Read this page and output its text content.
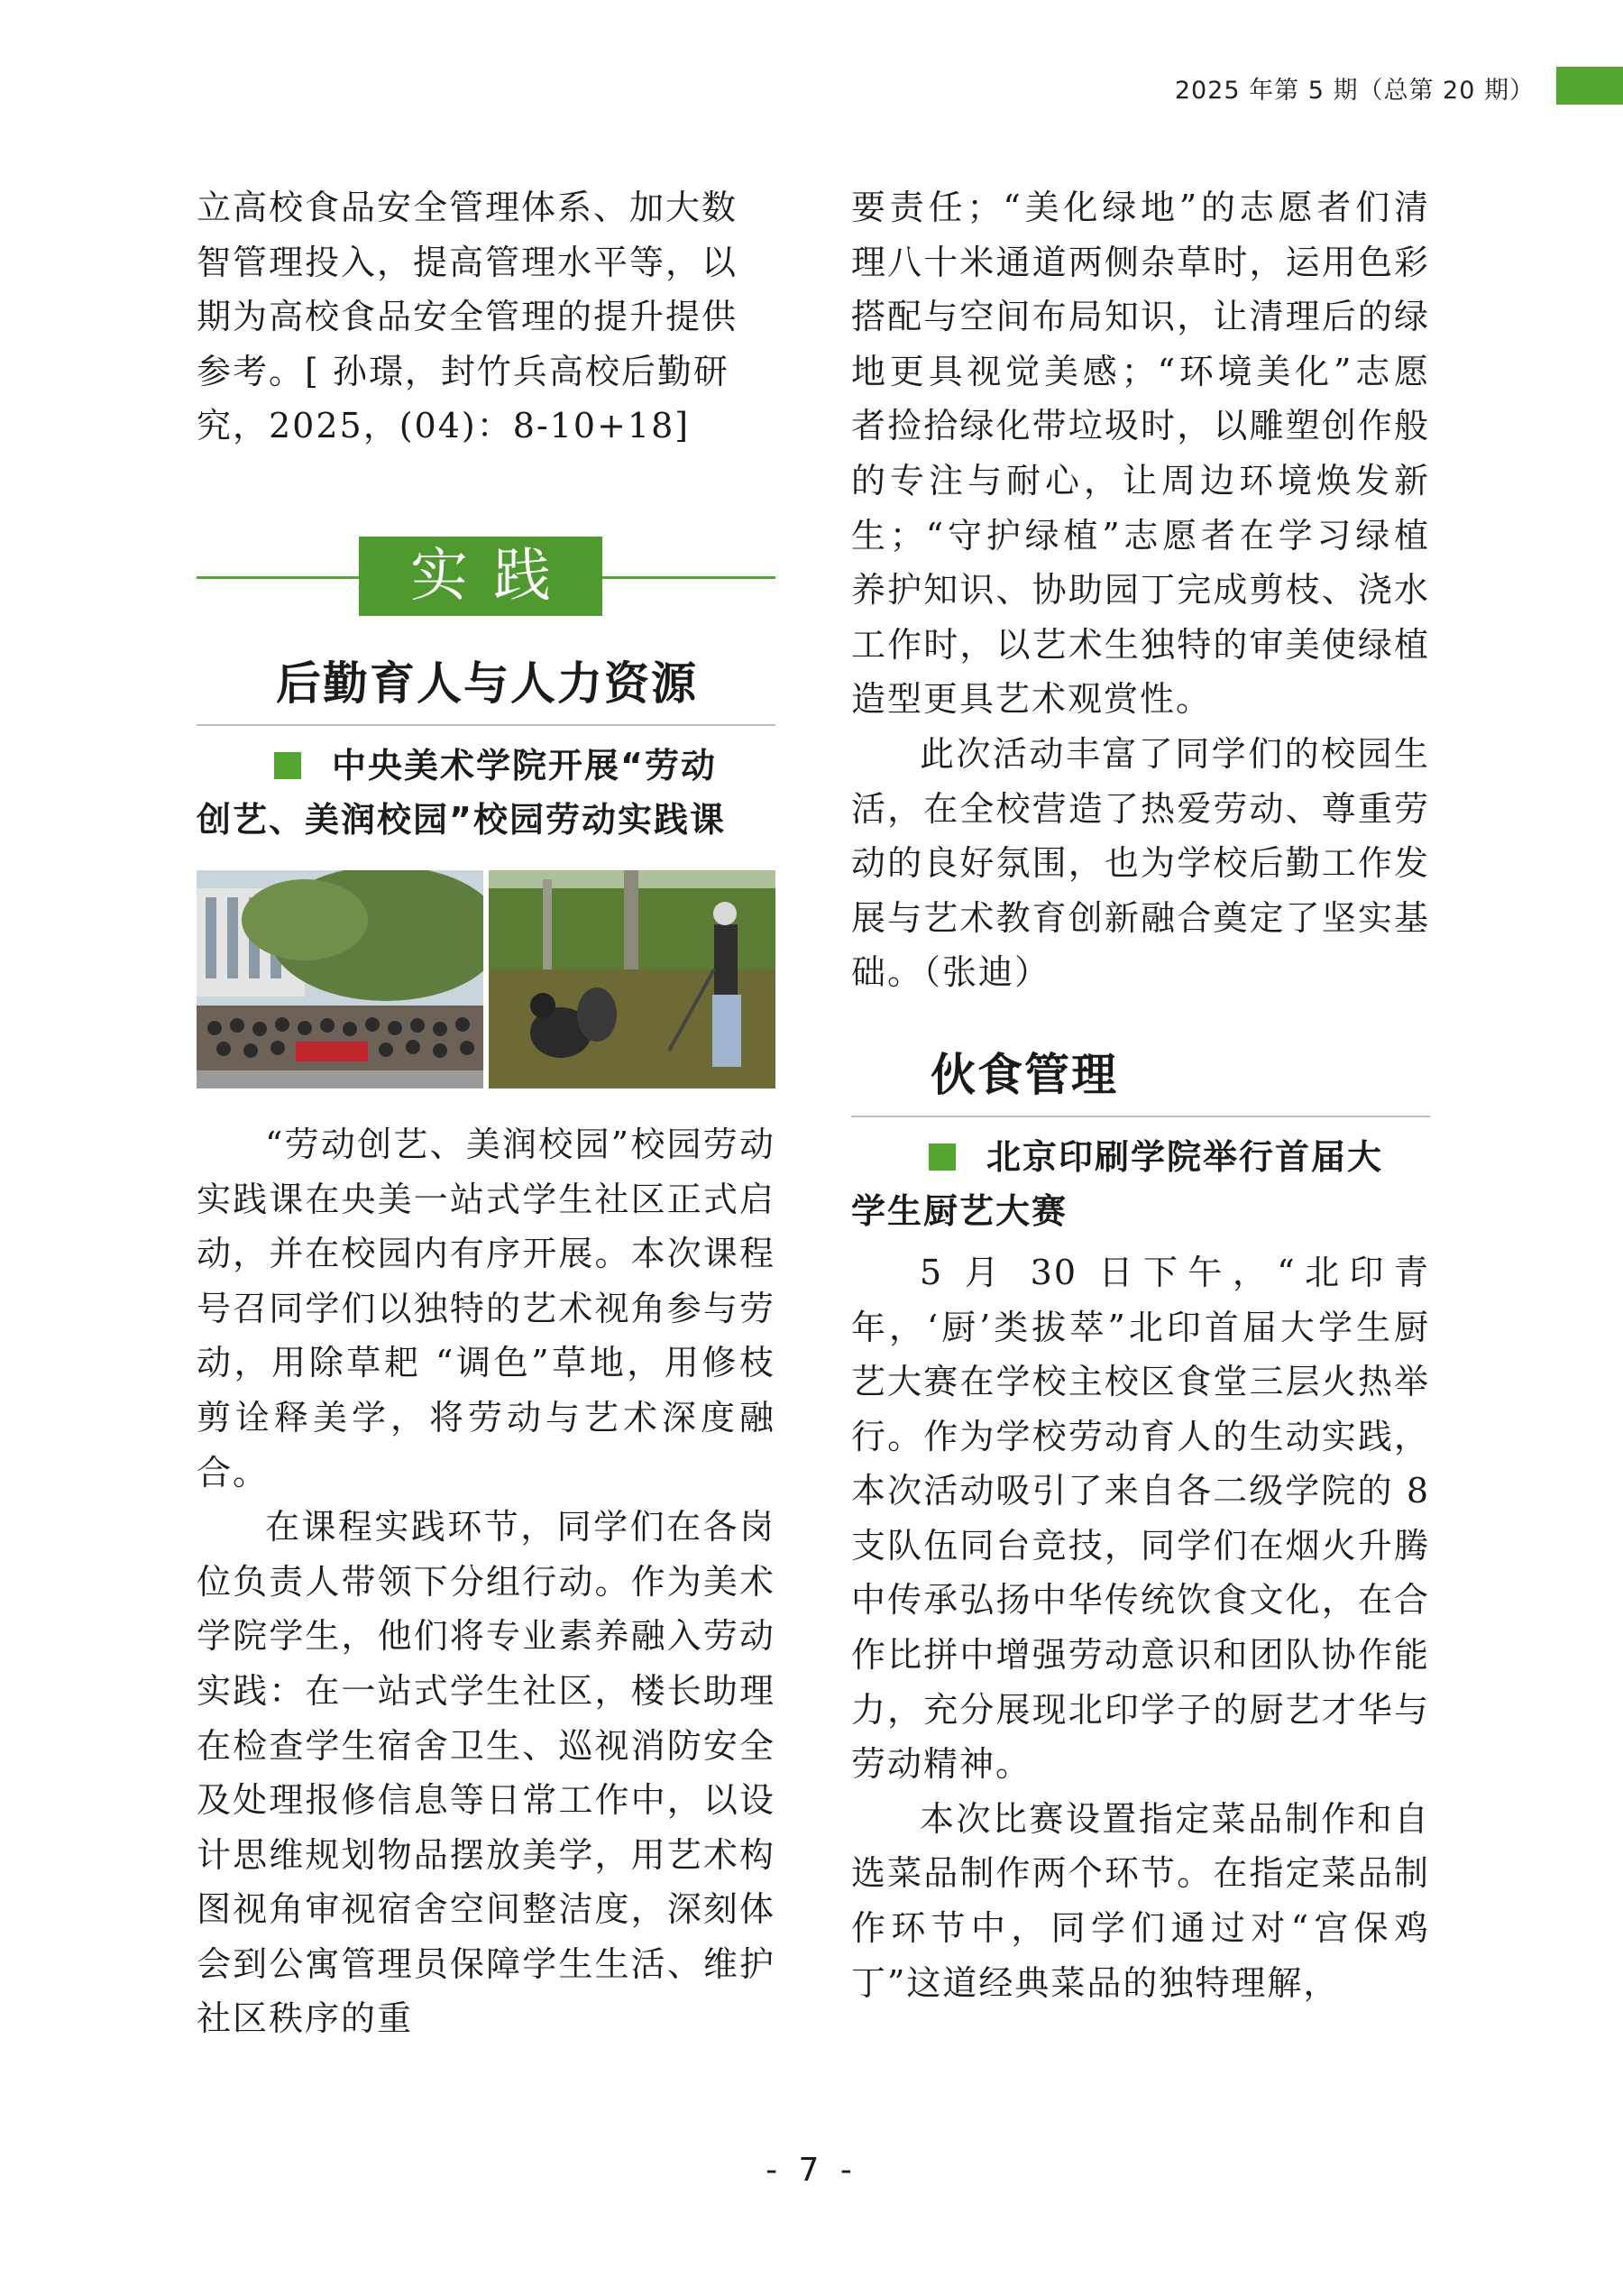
2025 年第 5 期（总第 20 期）

立高校食品安全管理体系、加大数
智管理投入，提高管理水平等，以
期为高校食品安全管理的提升提供
参考。[ 孙璟，封竹兵高校后勤研
究，2025，(04)：8-10+18]

实践
后勤育人与人力资源

中央美术学院开展“劳动
创艺、美润校园”校园劳动实践课

“劳动创艺、美润校园”校园劳动实践课在央美一站式学生社区正式启动，并在校园内有序开展。本次课程号召同学们以独特的艺术视角参与劳动，用除草耙 “调色”草地，用修枝剪诠释美学，将劳动与艺术深度融合。

在课程实践环节，同学们在各岗位负责人带领下分组行动。作为美术学院学生，他们将专业素养融入劳动实践：在一站式学生社区，楼长助理在检查学生宿舍卫生、巡视消防安全及处理报修信息等日常工作中，以设计思维规划物品摆放美学，用艺术构图视角审视宿舍空间整洁度，深刻体会到公寓管理员保障学生生活、维护社区秩序的重

要责任；“美化绿地”的志愿者们清理八十米通道两侧杂草时，运用色彩搭配与空间布局知识，让清理后的绿地更具视觉美感；“环境美化”志愿者捡拾绿化带垃圾时，以雕塑创作般的专注与耐心，让周边环境焕发新生；“守护绿植”志愿者在学习绿植养护知识、协助园丁完成剪枝、浇水工作时，以艺术生独特的审美使绿植造型更具艺术观赏性。

此次活动丰富了同学们的校园生活，在全校营造了热爱劳动、尊重劳动的良好氛围，也为学校后勤工作发展与艺术教育创新融合奠定了坚实基础。（张迪）

伙食管理

北京印刷学院举行首届大
学生厨艺大赛

5 月 30 日下午，“北印青年，‘厨’类拔萃”北印首届大学生厨艺大赛在学校主校区食堂三层火热举行。作为学校劳动育人的生动实践，本次活动吸引了来自各二级学院的 8 支队伍同台竞技，同学们在烟火升腾中传承弘扬中华传统饮食文化，在合作比拼中增强劳动意识和团队协作能力，充分展现北印学子的厨艺才华与劳动精神。

本次比赛设置指定菜品制作和自选菜品制作两个环节。在指定菜品制作环节中，同学们通过对“宫保鸡丁”这道经典菜品的独特理解，

- 7 -
